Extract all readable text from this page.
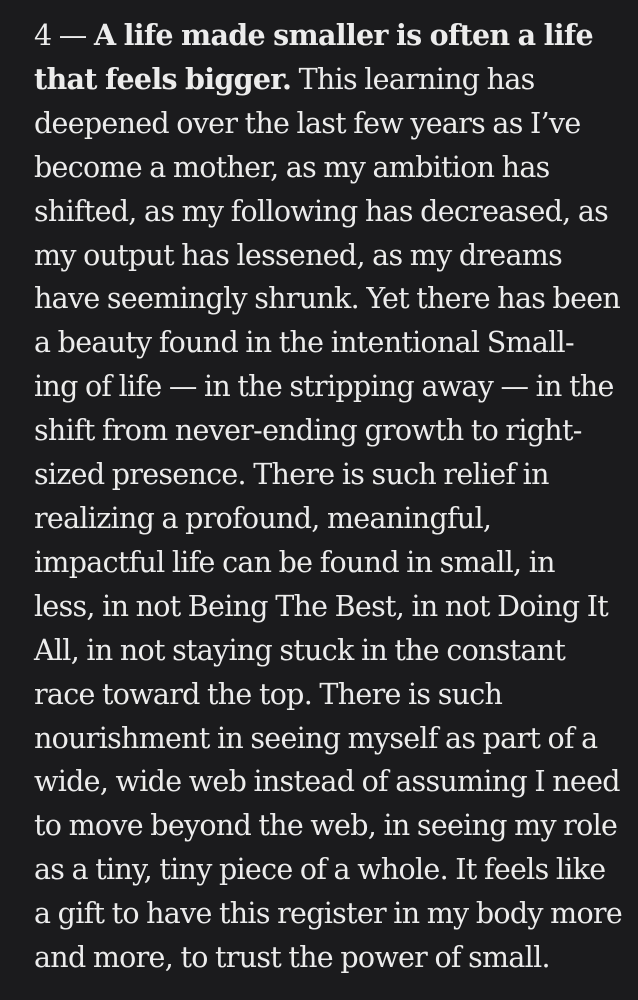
4 — A life made smaller is often a life
that feels bigger. This learning has
deepened over the last few years as I’ve
become a mother, as my ambition has
shifted, as my following has decreased, as
my output has lessened, as my dreams
have seemingly shrunk. Yet there has been
a beauty found in the intentional Small-
ing of life — in the stripping away — in the
shift from never-ending growth to right-
sized presence. There is such relief in
realizing a profound, meaningful,
impactful life can be found in small, in
less, in not Being The Best, in not Doing It
All, in not staying stuck in the constant
race toward the top. There is such
nourishment in seeing myself as part of a
wide, wide web instead of assuming I need
to move beyond the web, in seeing my role
as a tiny, tiny piece of a whole. It feels like
a gift to have this register in my body more
and more, to trust the power of small.
